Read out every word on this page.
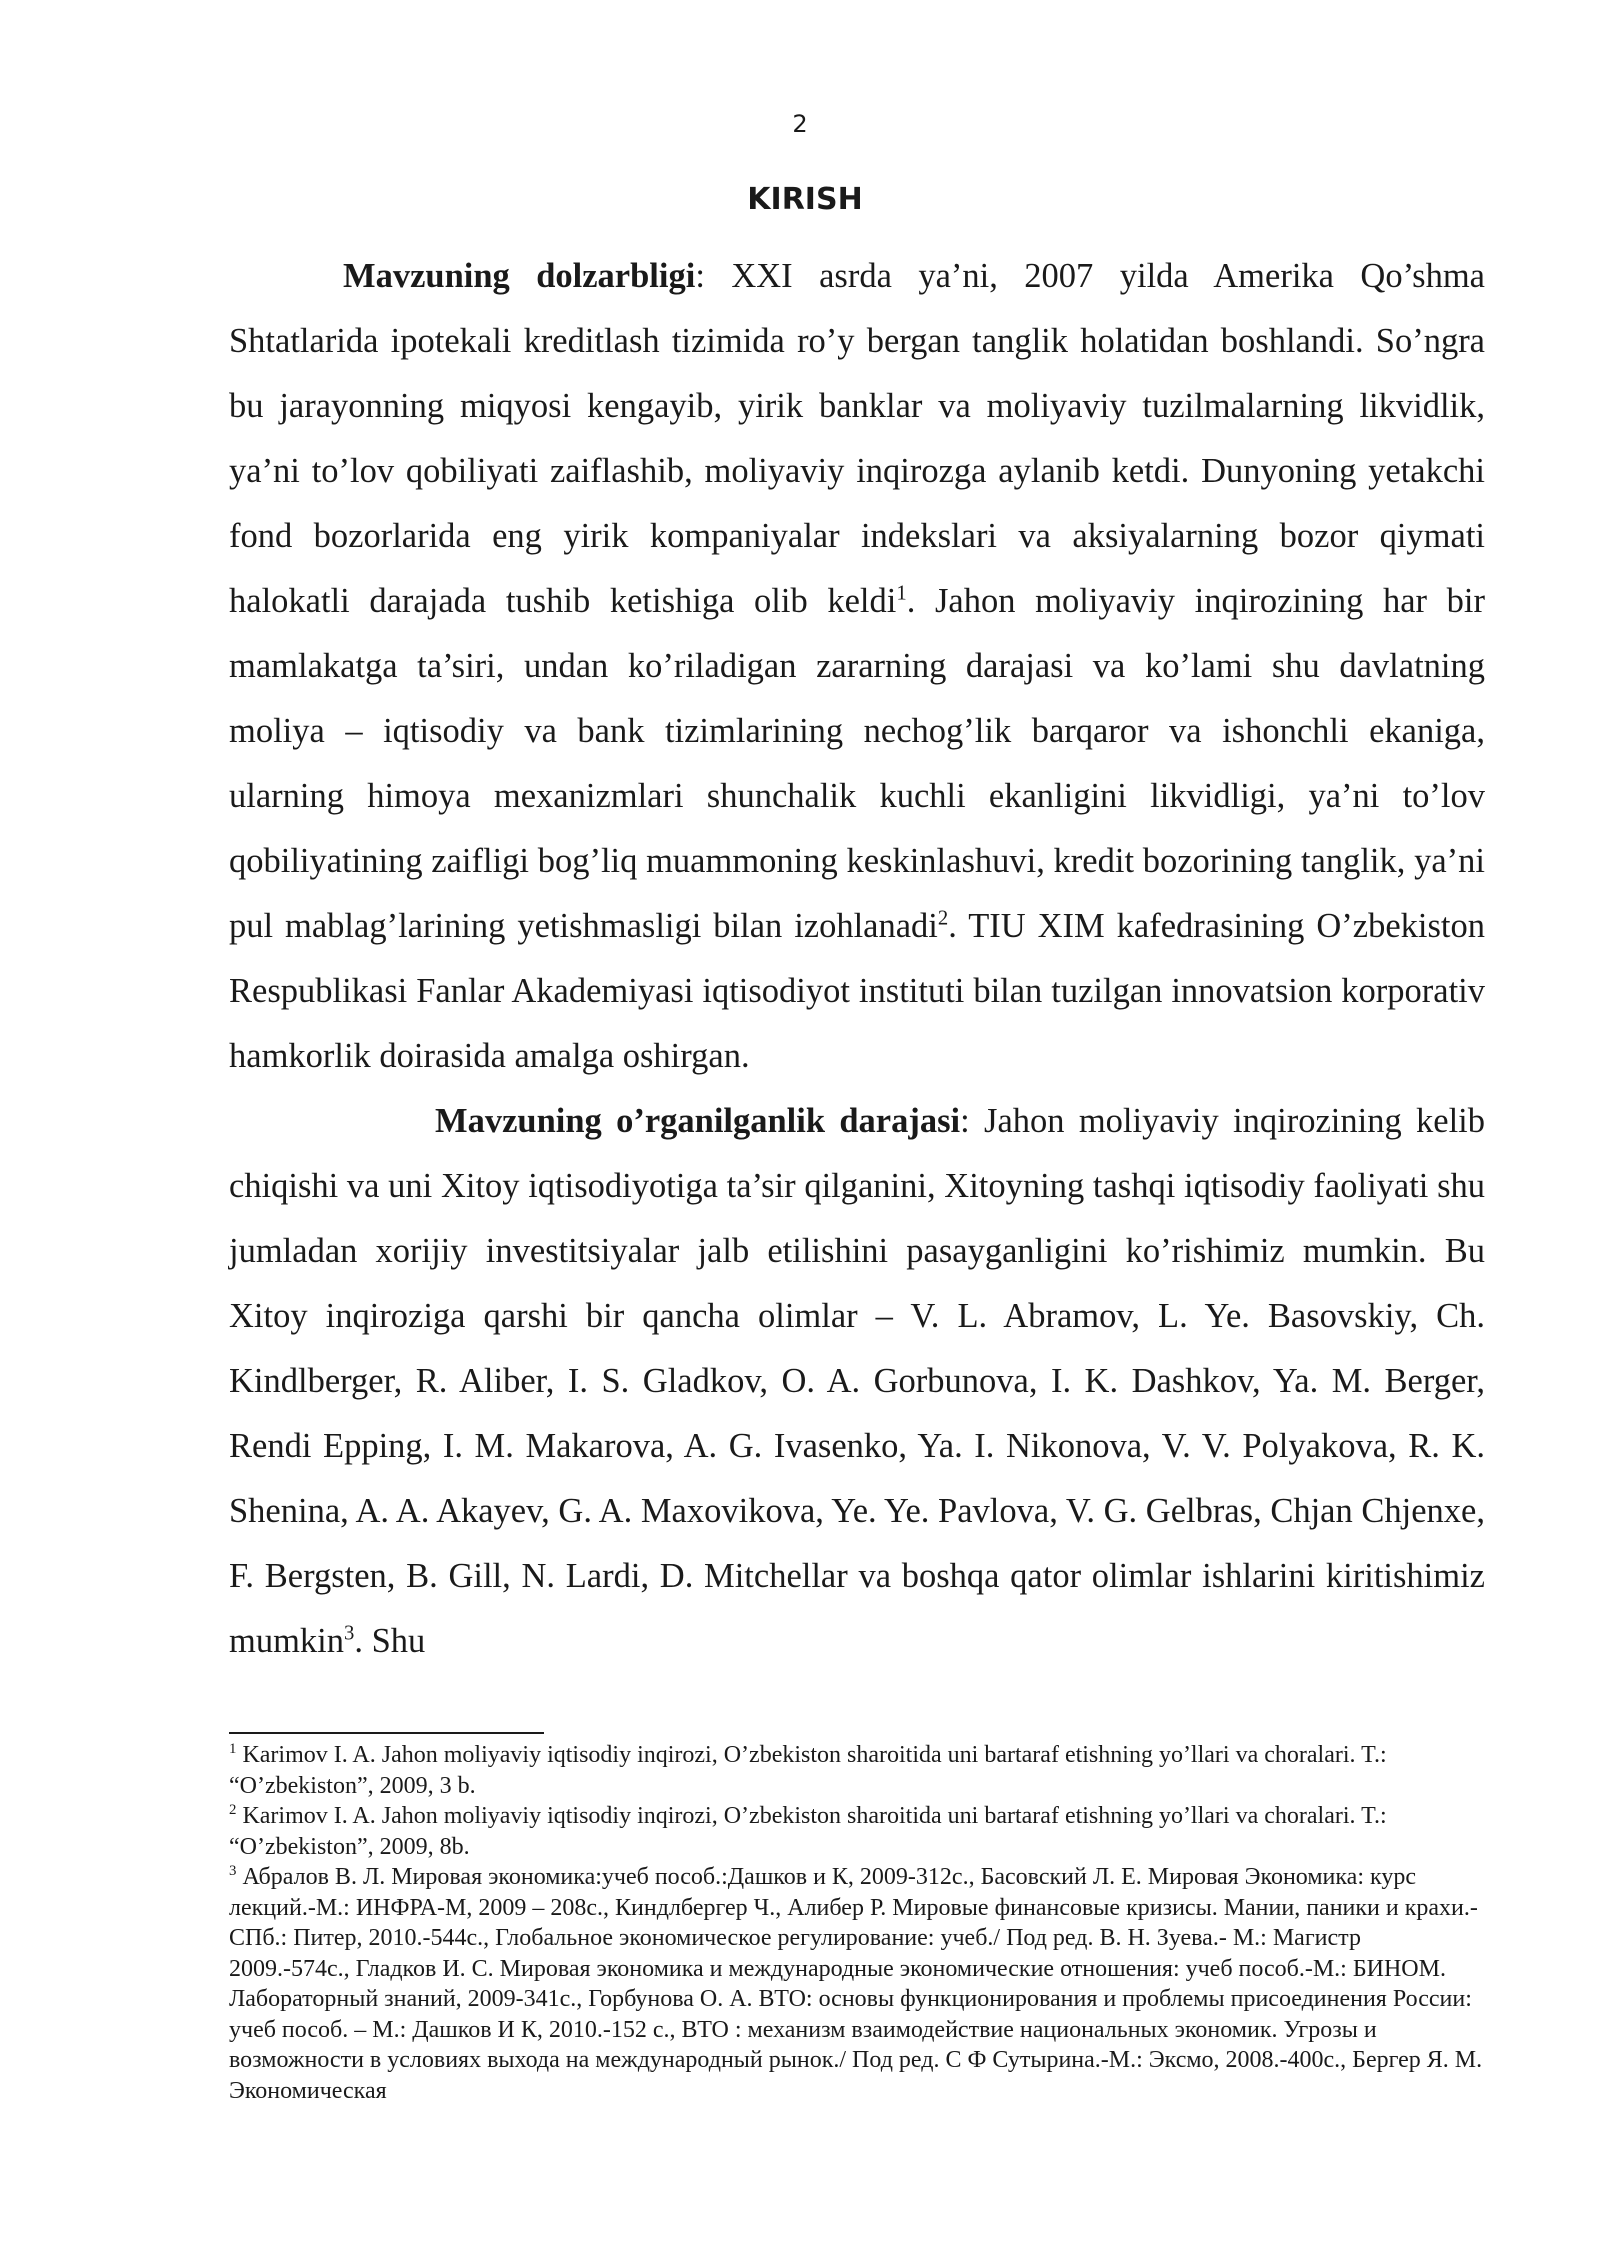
2
KIRISH

Mavzuning dolzarbligi: XXI asrda ya’ni, 2007 yilda Amerika Qo’shma Shtatlarida ipotekali kreditlash tizimida ro’y bergan tanglik holatidan boshlandi. So’ngra bu jarayonning miqyosi kengayib, yirik banklar va moliyaviy tuzilmalarning likvidlik, ya’ni to’lov qobiliyati zaiflashib, moliyaviy inqirozga aylanib ketdi. Dunyoning yetakchi fond bozorlarida eng yirik kompaniyalar indekslari va aksiyalarning bozor qiymati halokatli darajada tushib ketishiga olib keldi$^1$. Jahon moliyaviy inqirozining har bir mamlakatga ta’siri, undan ko’riladigan zararning darajasi va ko’lami shu davlatning moliya – iqtisodiy va bank tizimlarining nechog’lik barqaror va ishonchli ekaniga, ularning himoya mexanizmlari shunchalik kuchli ekanligini likvidligi, ya’ni to’lov qobiliyatining zaifligi bog’liq muammoning keskinlashuvi, kredit bozorining tanglik, ya’ni pul mablag’larining yetishmasligi bilan izohlanadi$^2$. TIU XIM kafedrasining O’zbekiston Respublikasi Fanlar Akademiyasi iqtisodiyot instituti bilan tuzilgan innovatsion korporativ hamkorlik doirasida amalga oshirgan.

Mavzuning o’rganilganlik darajasi: Jahon moliyaviy inqirozining kelib chiqishi va uni Xitoy iqtisodiyotiga ta’sir qilganini, Xitoyning tashqi iqtisodiy faoliyati shu jumladan xorijiy investitsiyalar jalb etilishini pasayganligini ko’rishimiz mumkin. Bu Xitoy inqiroziga qarshi bir qancha olimlar – V. L. Abramov, L. Ye. Basovskiy, Ch. Kindlberger, R. Aliber, I. S. Gladkov, O. A. Gorbunova, I. K. Dashkov, Ya. M. Berger, Rendi Epping, I. M. Makarova, A. G. Ivasenko, Ya. I. Nikonova, V. V. Polyakova, R. K. Shenina, A. A. Akayev, G. A. Maxovikova, Ye. Ye. Pavlova, V. G. Gelbras, Chjan Chjenxe, F. Bergsten, B. Gill, N. Lardi, D. Mitchellar va boshqa qator olimlar ishlarini kiritishimiz mumkin$^3$. Shu

$^1$ Karimov I. A. Jahon moliyaviy iqtisodiy inqirozi, O’zbekiston sharoitida uni bartaraf etishning yo’llari va choralari. T.: “O’zbekiston”, 2009, 3 b.

$^2$ Karimov I. A. Jahon moliyaviy iqtisodiy inqirozi, O’zbekiston sharoitida uni bartaraf etishning yo’llari va choralari. T.: “O’zbekiston”, 2009, 8b.

$^3$ Абралов В. Л. Мировая экономика:учеб пособ.:Дашков и К, 2009-312с., Басовский Л. Е. Мировая Экономика: курс лекций.-М.: ИНФРА-М, 2009 – 208с., Киндлбергер Ч., Алибер Р. Мировые финансовые кризисы. Мании, паники и крахи.- СПб.: Питер, 2010.-544с., Глобальное экономическое регулирование: учеб./ Под ред. В. Н. Зуева.- М.: Магистр 2009.-574с., Гладков И. С. Мировая экономика и международные экономические отношения: учеб пособ.-М.: БИНОМ. Лабораторный знаний, 2009-341с., Горбунова О. А. ВТО: основы функционирования и проблемы присоединения России: учеб пособ. – М.: Дашков И К, 2010.-152 с., ВТО : механизм взаимодействие национальных экономик. Угрозы и возможности в условиях выхода на международный рынок./ Под ред. С Ф Сутырина.-М.: Эксмо, 2008.-400с., Бергер Я. М. Экономическая
